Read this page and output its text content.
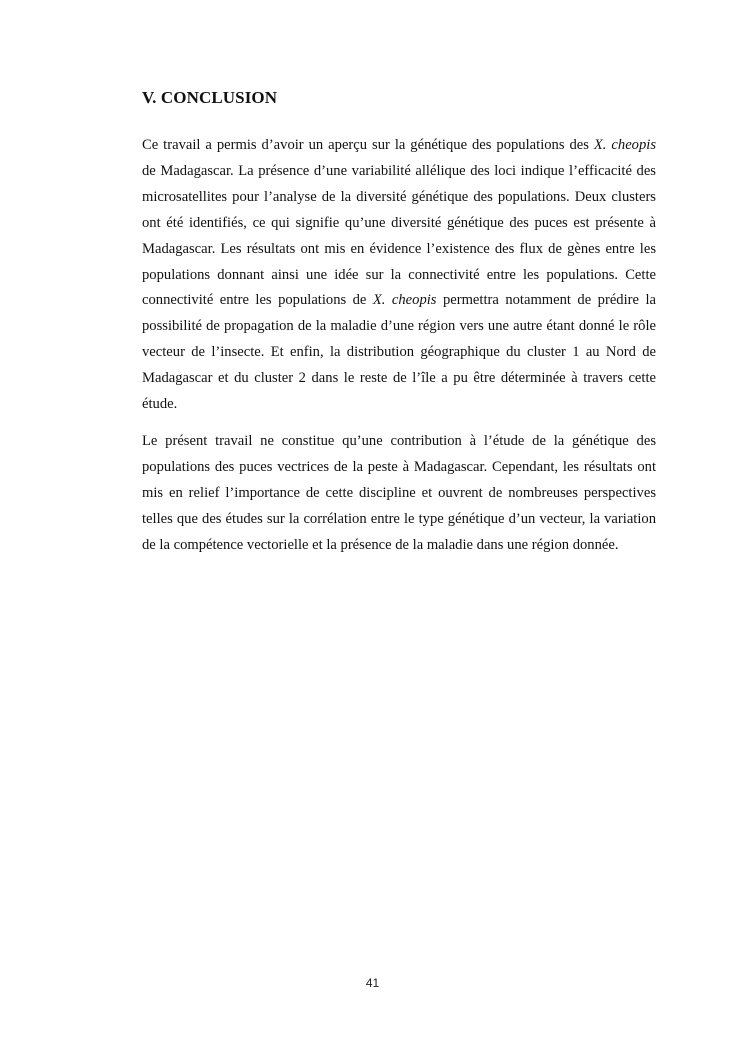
V. CONCLUSION

Ce travail a permis d’avoir un aperçu sur la génétique des populations des X. cheopis
de Madagascar. La présence d’une variabilité allélique des loci indique l’efficacité des
microsatellites pour l’analyse de la diversité génétique des populations. Deux clusters
ont été identifiés, ce qui signifie qu’une diversité génétique des puces est présente à
Madagascar. Les résultats ont mis en évidence l’existence des flux de gènes entre les
populations donnant ainsi une idée sur la connectivité entre les populations. Cette
connectivité entre les populations de X. cheopis permettra notamment de prédire la
possibilité de propagation de la maladie d’une région vers une autre étant donné le rôle
vecteur de l’insecte. Et enfin, la distribution géographique du cluster 1 au Nord de
Madagascar et du cluster 2 dans le reste de l’île a pu être déterminée à travers cette
étude.

Le présent travail ne constitue qu’une contribution à l’étude de la génétique des
populations des puces vectrices de la peste à Madagascar. Cependant, les résultats ont
mis en relief l’importance de cette discipline et ouvrent de nombreuses perspectives
telles que des études sur la corrélation entre le type génétique d’un vecteur, la variation
de la compétence vectorielle et la présence de la maladie dans une région donnée.

41
